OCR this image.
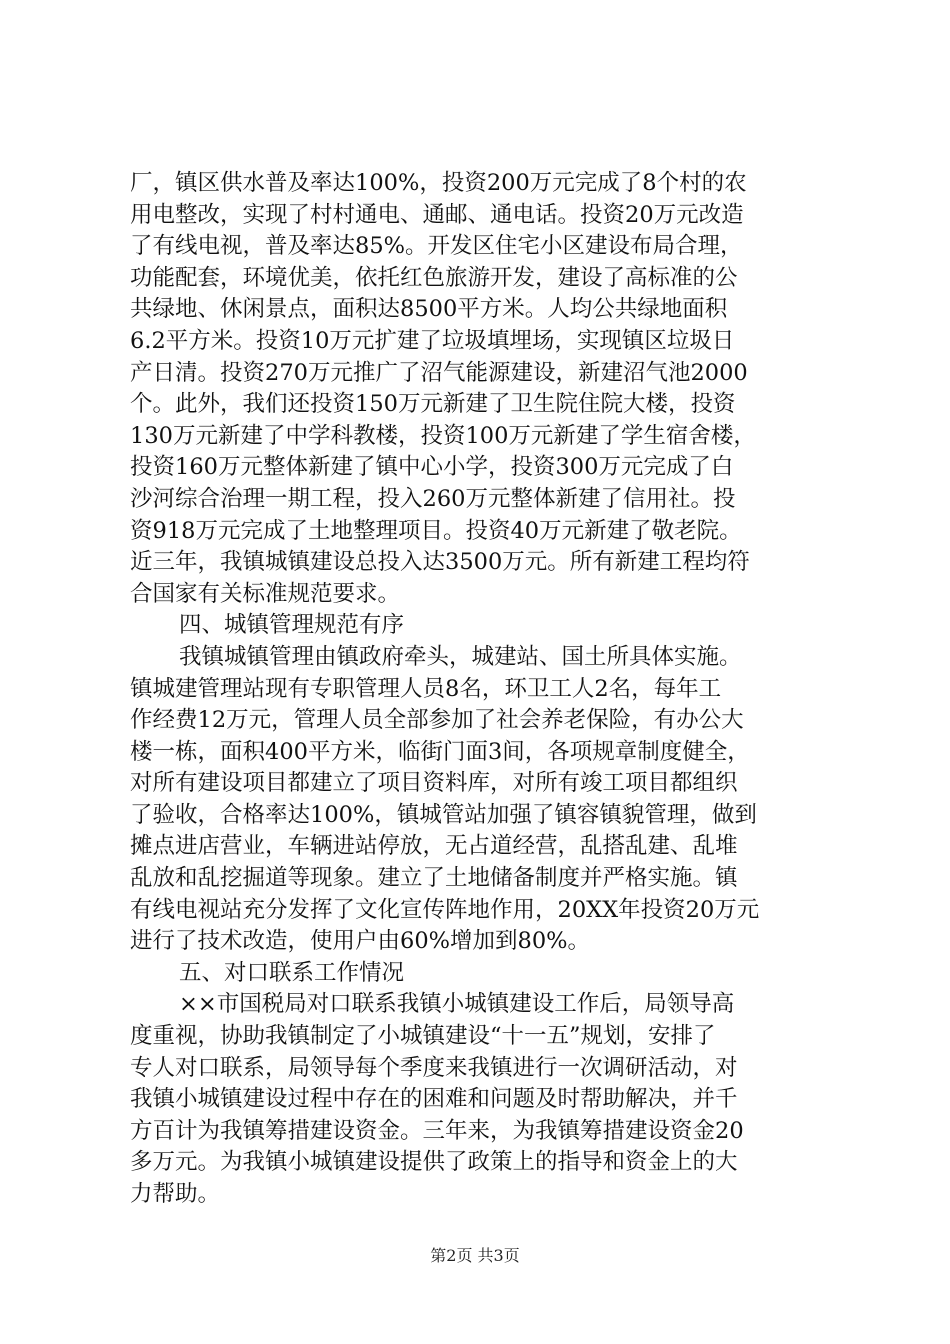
厂，镇区供水普及率达100%，投资200万元完成了8个村的农
用电整改，实现了村村通电、通邮、通电话。投资20万元改造
了有线电视，普及率达85%。开发区住宅小区建设布局合理，
功能配套，环境优美，依托红色旅游开发，建设了高标准的公
共绿地、休闲景点，面积达8500平方米。人均公共绿地面积
6.2平方米。投资10万元扩建了垃圾填埋场，实现镇区垃圾日
产日清。投资270万元推广了沼气能源建设，新建沼气池2000
个。此外，我们还投资150万元新建了卫生院住院大楼，投资
130万元新建了中学科教楼，投资100万元新建了学生宿舍楼，
投资160万元整体新建了镇中心小学，投资300万元完成了白
沙河综合治理一期工程，投入260万元整体新建了信用社。投
资918万元完成了土地整理项目。投资40万元新建了敬老院。
近三年，我镇城镇建设总投入达3500万元。所有新建工程均符
合国家有关标准规范要求。
四、城镇管理规范有序
我镇城镇管理由镇政府牵头，城建站、国土所具体实施。
镇城建管理站现有专职管理人员8名，环卫工人2名，每年工
作经费12万元，管理人员全部参加了社会养老保险，有办公大
楼一栋，面积400平方米，临街门面3间，各项规章制度健全，
对所有建设项目都建立了项目资料库，对所有竣工项目都组织
了验收，合格率达100%，镇城管站加强了镇容镇貌管理，做到
摊点进店营业，车辆进站停放，无占道经营，乱搭乱建、乱堆
乱放和乱挖掘道等现象。建立了土地储备制度并严格实施。镇
有线电视站充分发挥了文化宣传阵地作用，20XX年投资20万元
进行了技术改造，使用户由60%增加到80%。
五、对口联系工作情况
××市国税局对口联系我镇小城镇建设工作后，局领导高
度重视，协助我镇制定了小城镇建设“十一五”规划，安排了
专人对口联系，局领导每个季度来我镇进行一次调研活动，对
我镇小城镇建设过程中存在的困难和问题及时帮助解决，并千
方百计为我镇筹措建设资金。三年来，为我镇筹措建设资金20
多万元。为我镇小城镇建设提供了政策上的指导和资金上的大
力帮助。
第2页 共3页
